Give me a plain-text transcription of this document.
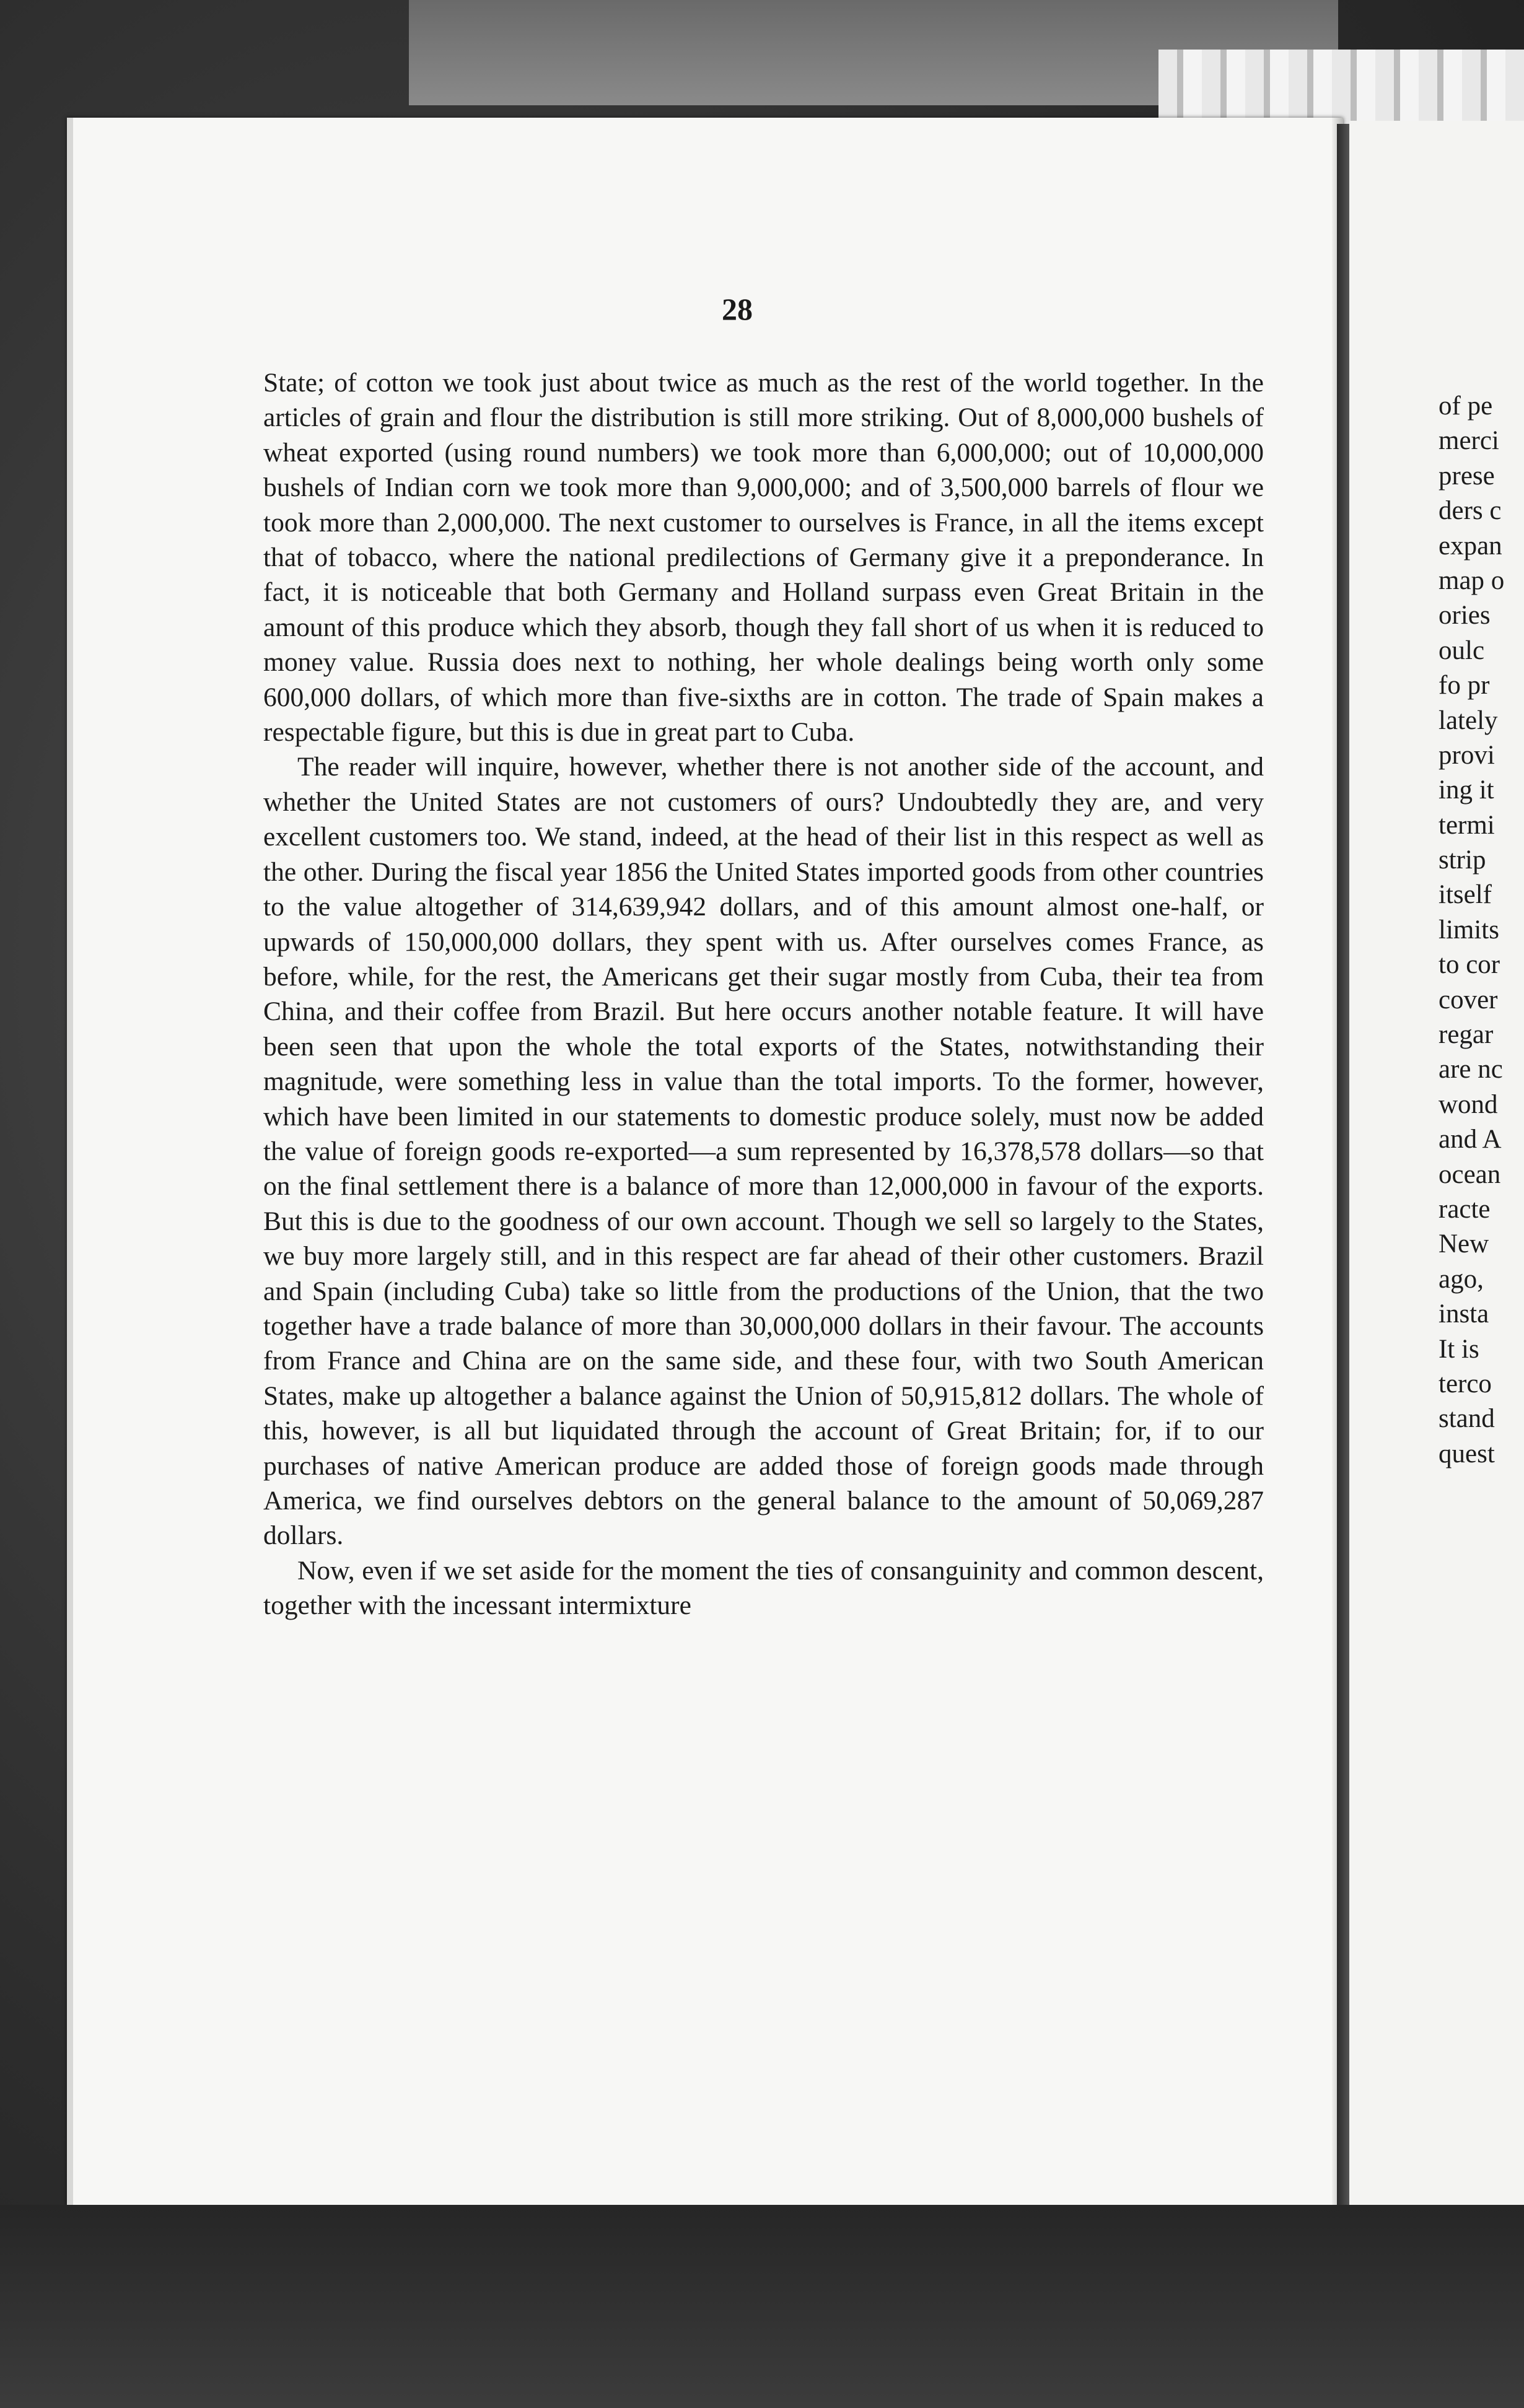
28

State; of cotton we took just about twice as much as the rest of the world together. In the articles of grain and flour the distribution is still more striking. Out of 8,000,000 bushels of wheat exported (using round numbers) we took more than 6,000,000; out of 10,000,000 bushels of Indian corn we took more than 9,000,000; and of 3,500,000 barrels of flour we took more than 2,000,000. The next customer to ourselves is France, in all the items except that of tobacco, where the national predilections of Germany give it a preponderance. In fact, it is noticeable that both Germany and Holland surpass even Great Britain in the amount of this produce which they absorb, though they fall short of us when it is reduced to money value. Russia does next to nothing, her whole dealings being worth only some 600,000 dollars, of which more than five-sixths are in cotton. The trade of Spain makes a respectable figure, but this is due in great part to Cuba.

The reader will inquire, however, whether there is not another side of the account, and whether the United States are not customers of ours? Undoubtedly they are, and very excellent customers too. We stand, indeed, at the head of their list in this respect as well as the other. During the fiscal year 1856 the United States imported goods from other countries to the value altogether of 314,639,942 dollars, and of this amount almost one-half, or upwards of 150,000,000 dollars, they spent with us. After ourselves comes France, as before, while, for the rest, the Americans get their sugar mostly from Cuba, their tea from China, and their coffee from Brazil. But here occurs another notable feature. It will have been seen that upon the whole the total exports of the States, notwithstanding their magnitude, were something less in value than the total imports. To the former, however, which have been limited in our statements to domestic produce solely, must now be added the value of foreign goods re-exported—a sum represented by 16,378,578 dollars—so that on the final settlement there is a balance of more than 12,000,000 in favour of the exports. But this is due to the goodness of our own account. Though we sell so largely to the States, we buy more largely still, and in this respect are far ahead of their other customers. Brazil and Spain (including Cuba) take so little from the productions of the Union, that the two together have a trade balance of more than 30,000,000 dollars in their favour. The accounts from France and China are on the same side, and these four, with two South American States, make up altogether a balance against the Union of 50,915,812 dollars. The whole of this, however, is all but liquidated through the account of Great Britain; for, if to our purchases of native American produce are added those of foreign goods made through America, we find ourselves debtors on the general balance to the amount of 50,069,287 dollars.

Now, even if we set aside for the moment the ties of consanguinity and common descent, together with the incessant intermixture

of pe
merci
prese
ders c
expan
map o
ories
oulc
fo pr
lately
provi
ing it
termi
strip
itself
limits
to cor
cover
regar
are nc
wond
and A
ocean
racte
New
ago,
insta
It is
terco
stand
quest
